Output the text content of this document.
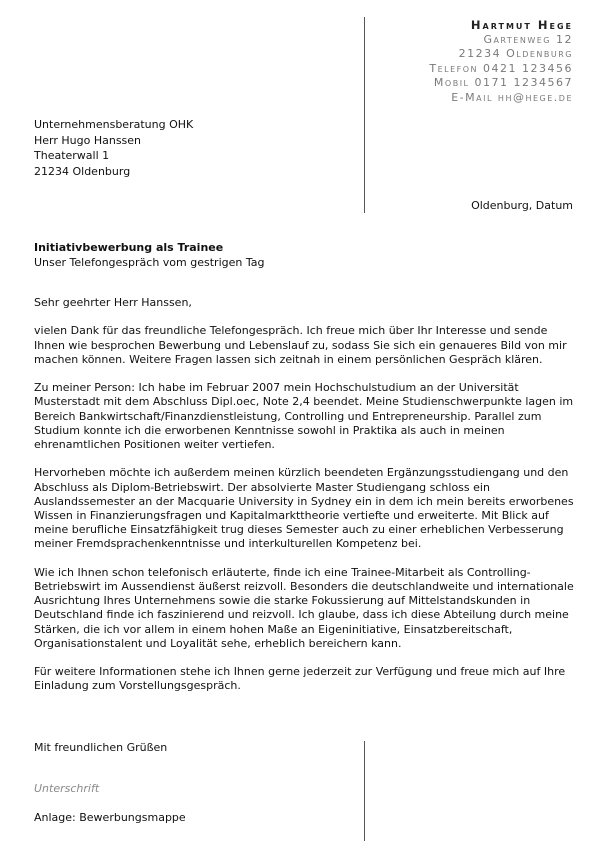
Hartmut Hege
Gartenweg 12
21234 Oldenburg
Telefon 0421 123456
Mobil 0171 1234567
E-Mail hh@hege.de
Unternehmensberatung OHK
Herr Hugo Hanssen
Theaterwall 1
21234 Oldenburg
Oldenburg, Datum
Initiativbewerbung als Trainee
Unser Telefongespräch vom gestrigen Tag

Sehr geehrter Herr Hanssen,

vielen Dank für das freundliche Telefongespräch. Ich freue mich über Ihr Interesse und sende Ihnen wie besprochen Bewerbung und Lebenslauf zu, sodass Sie sich ein genaueres Bild von mir machen können. Weitere Fragen lassen sich zeitnah in einem persönlichen Gespräch klären.

Zu meiner Person: Ich habe im Februar 2007 mein Hochschulstudium an der Universität Musterstadt mit dem Abschluss Dipl.oec, Note 2,4 beendet. Meine Studienschwerpunkte lagen im Bereich Bankwirtschaft/Finanzdienstleistung, Controlling und Entrepreneurship. Parallel zum Studium konnte ich die erworbenen Kenntnisse sowohl in Praktika als auch in meinen ehrenamtlichen Positionen weiter vertiefen.

Hervorheben möchte ich außerdem meinen kürzlich beendeten Ergänzungsstudiengang und den Abschluss als Diplom-Betriebswirt. Der absolvierte Master Studiengang schloss ein Auslandssemester an der Macquarie University in Sydney ein in dem ich mein bereits erworbenes Wissen in Finanzierungsfragen und Kapitalmarkttheorie vertiefte und erweiterte. Mit Blick auf meine berufliche Einsatzfähigkeit trug dieses Semester auch zu einer erheblichen Verbesserung meiner Fremdsprachenkenntnisse und interkulturellen Kompetenz bei.

Wie ich Ihnen schon telefonisch erläuterte, finde ich eine Trainee-Mitarbeit als Controlling-Betriebswirt im Aussendienst äußerst reizvoll. Besonders die deutschlandweite und internationale Ausrichtung Ihres Unternehmens sowie die starke Fokussierung auf Mittelstandskunden in Deutschland finde ich faszinierend und reizvoll. Ich glaube, dass ich diese Abteilung durch meine Stärken, die ich vor allem in einem hohen Maße an Eigeninitiative, Einsatzbereitschaft, Organisationstalent und Loyalität sehe, erheblich bereichern kann.

Für weitere Informationen stehe ich Ihnen gerne jederzeit zur Verfügung und freue mich auf Ihre Einladung zum Vorstellungsgespräch.

Mit freundlichen Grüßen
Unterschrift
Anlage: Bewerbungsmappe
